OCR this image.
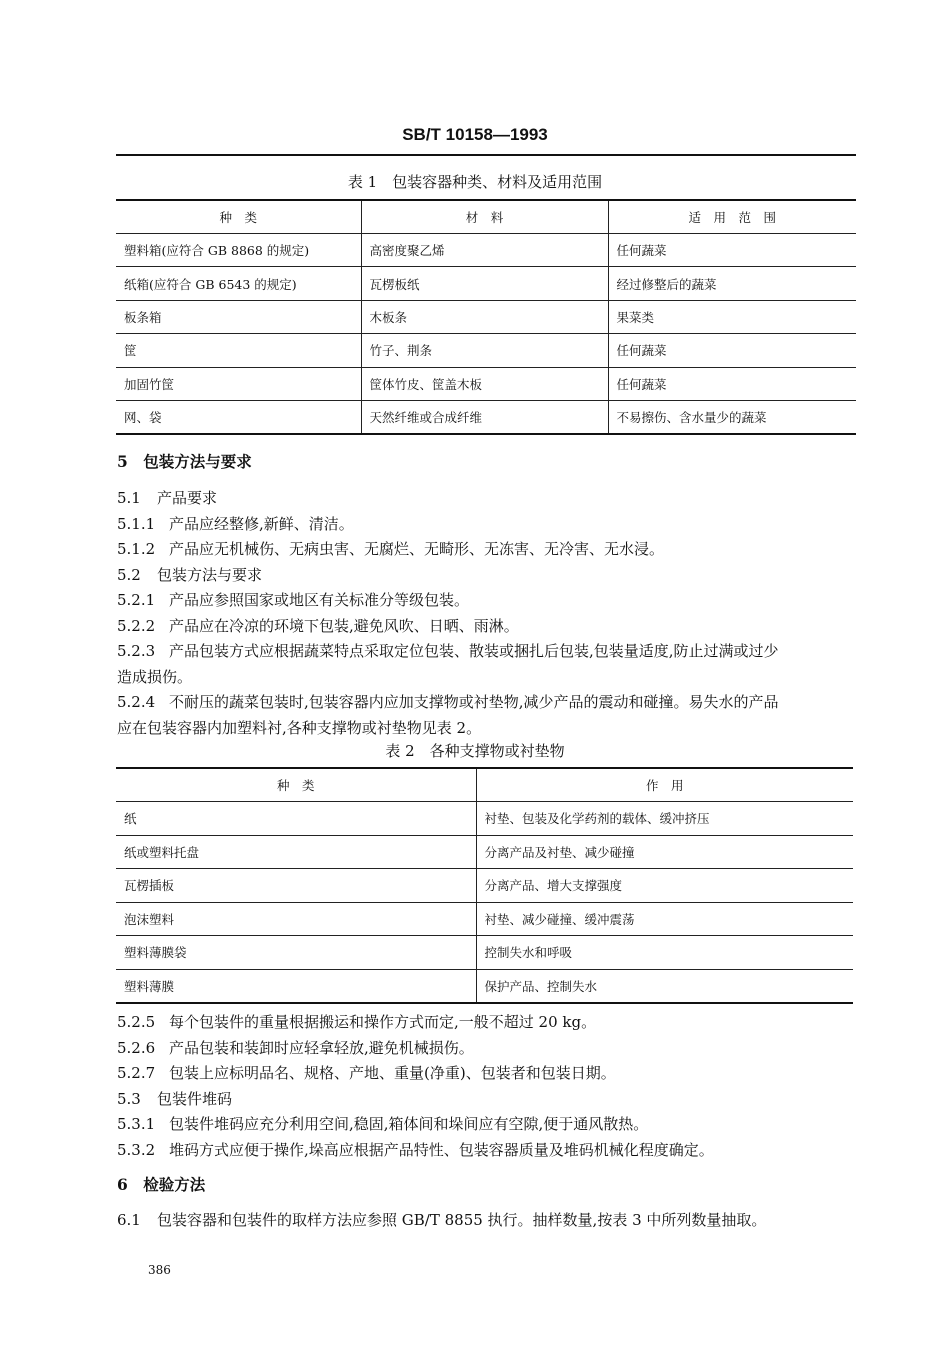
SB/T 10158—1993
表 1　包装容器种类、材料及适用范围
种　类	材　料	适　用　范　围
塑料箱(应符合 GB 8868 的规定)	高密度聚乙烯	任何蔬菜
纸箱(应符合 GB 6543 的规定)	瓦楞板纸	经过修整后的蔬菜
板条箱	木板条	果菜类
筐	竹子、荆条	任何蔬菜
加固竹筐	筐体竹皮、筐盖木板	任何蔬菜
网、袋	天然纤维或合成纤维	不易擦伤、含水量少的蔬菜
5　包装方法与要求
5.1 产品要求
5.1.1 产品应经整修,新鲜、清洁。
5.1.2 产品应无机械伤、无病虫害、无腐烂、无畸形、无冻害、无冷害、无水浸。
5.2 包装方法与要求
5.2.1 产品应参照国家或地区有关标准分等级包装。
5.2.2 产品应在冷凉的环境下包装,避免风吹、日晒、雨淋。
5.2.3 产品包装方式应根据蔬菜特点采取定位包装、散装或捆扎后包装,包装量适度,防止过满或过少
造成损伤。
5.2.4 不耐压的蔬菜包装时,包装容器内应加支撑物或衬垫物,减少产品的震动和碰撞。易失水的产品
应在包装容器内加塑料衬,各种支撑物或衬垫物见表 2。
表 2　各种支撑物或衬垫物
种　类	作　用
纸	衬垫、包装及化学药剂的载体、缓冲挤压
纸或塑料托盘	分离产品及衬垫、减少碰撞
瓦楞插板	分离产品、增大支撑强度
泡沫塑料	衬垫、减少碰撞、缓冲震荡
塑料薄膜袋	控制失水和呼吸
塑料薄膜	保护产品、控制失水
5.2.5 每个包装件的重量根据搬运和操作方式而定,一般不超过 20 kg。
5.2.6 产品包装和装卸时应轻拿轻放,避免机械损伤。
5.2.7 包装上应标明品名、规格、产地、重量(净重)、包装者和包装日期。
5.3 包装件堆码
5.3.1 包装件堆码应充分利用空间,稳固,箱体间和垛间应有空隙,便于通风散热。
5.3.2 堆码方式应便于操作,垛高应根据产品特性、包装容器质量及堆码机械化程度确定。
6　检验方法
6.1 包装容器和包装件的取样方法应参照 GB/T 8855 执行。抽样数量,按表 3 中所列数量抽取。
386
